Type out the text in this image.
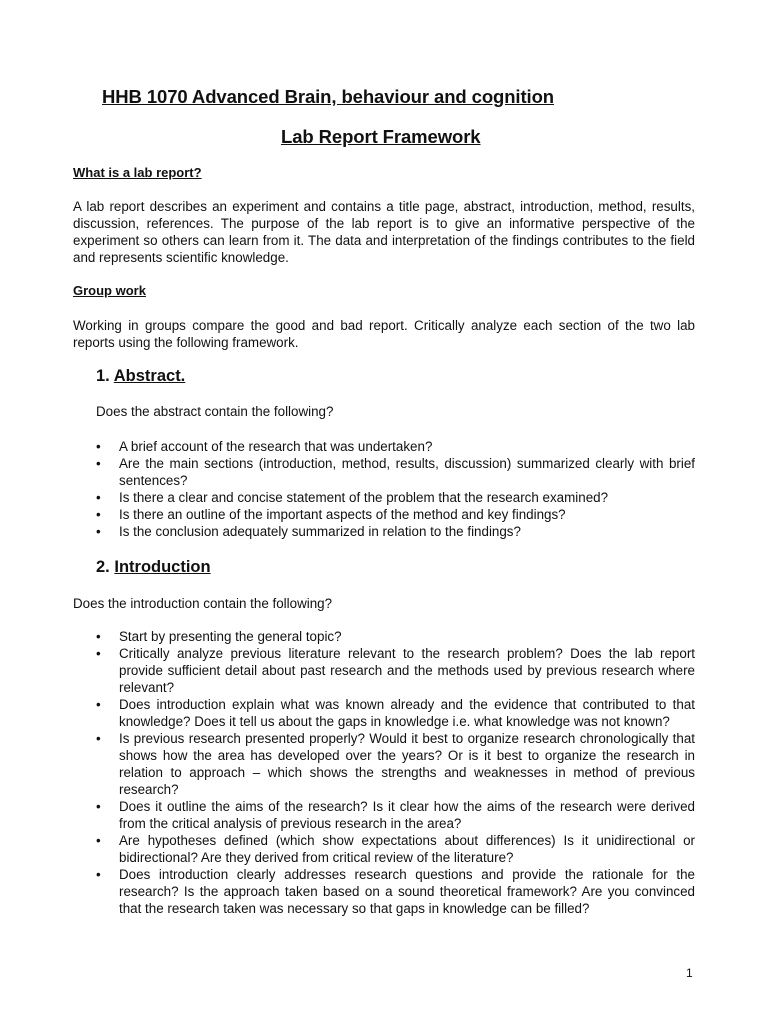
HHB 1070 Advanced Brain, behaviour and cognition
Lab Report Framework
What is a lab report?

A lab report describes an experiment and contains a title page, abstract, introduction, method, results, discussion, references. The purpose of the lab report is to give an informative perspective of the experiment so others can learn from it. The data and interpretation of the findings contributes to the field and represents scientific knowledge.

Group work

Working in groups compare the good and bad report. Critically analyze each section of the two lab reports using the following framework.

1. Abstract.

Does the abstract contain the following?

• A brief account of the research that was undertaken?
• Are the main sections (introduction, method, results, discussion) summarized clearly with brief sentences?
• Is there a clear and concise statement of the problem that the research examined?
• Is there an outline of the important aspects of the method and key findings?
• Is the conclusion adequately summarized in relation to the findings?
2. Introduction

Does the introduction contain the following?

• Start by presenting the general topic?
• Critically analyze previous literature relevant to the research problem? Does the lab report provide sufficient detail about past research and the methods used by previous research where relevant?
• Does introduction explain what was known already and the evidence that contributed to that knowledge? Does it tell us about the gaps in knowledge i.e. what knowledge was not known?
• Is previous research presented properly? Would it best to organize research chronologically that shows how the area has developed over the years? Or is it best to organize the research in relation to approach – which shows the strengths and weaknesses in method of previous research?
• Does it outline the aims of the research? Is it clear how the aims of the research were derived from the critical analysis of previous research in the area?
• Are hypotheses defined (which show expectations about differences) Is it unidirectional or bidirectional? Are they derived from critical review of the literature?
• Does introduction clearly addresses research questions and provide the rationale for the research? Is the approach taken based on a sound theoretical framework? Are you convinced that the research taken was necessary so that gaps in knowledge can be filled?

1
